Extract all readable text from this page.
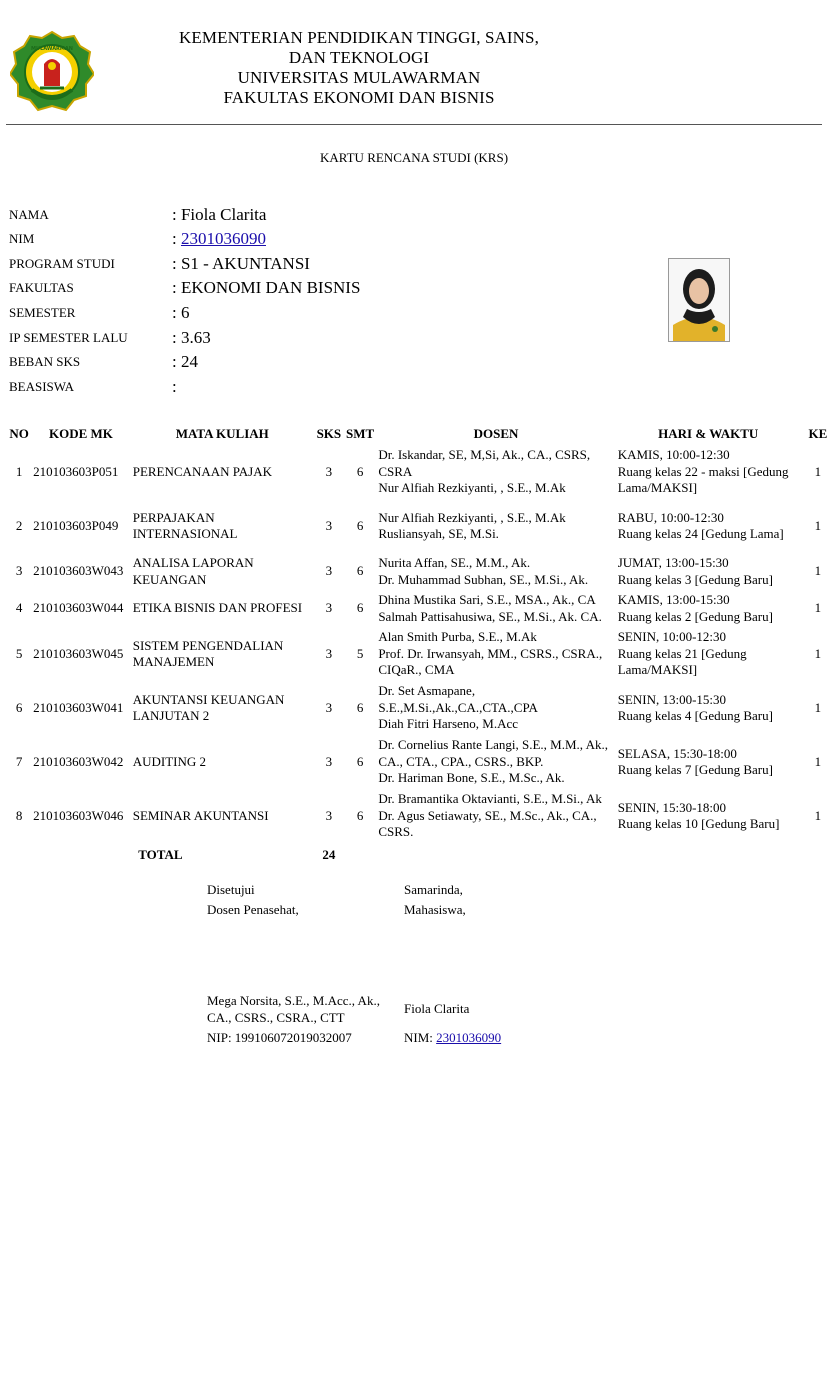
MULAWARMAN
KEMENTERIAN PENDIDIKAN TINGGI, SAINS,
DAN TEKNOLOGI
UNIVERSITAS MULAWARMAN
FAKULTAS EKONOMI DAN BISNIS
KARTU RENCANA STUDI (KRS)
NAMA	: Fiola Clarita
NIM	: 2301036090
PROGRAM STUDI	: S1 - AKUNTANSI
FAKULTAS	: EKONOMI DAN BISNIS
SEMESTER	: 6
IP SEMESTER LALU	: 3.63
BEBAN SKS	: 24
BEASISWA	:
NO	KODE MK	MATA KULIAH	SKS	SMT	DOSEN	HARI & WAKTU	KE
1	210103603P051	PERENCANAAN PAJAK	3	6	Dr. Iskandar, SE, M,Si, Ak., CA., CSRS, CSRA
Nur Alfiah Rezkiyanti, , S.E., M.Ak	KAMIS, 10:00-12:30
Ruang kelas 22 - maksi [Gedung Lama/MAKSI]	1
2	210103603P049	PERPAJAKAN INTERNASIONAL	3	6	Nur Alfiah Rezkiyanti, , S.E., M.Ak
Rusliansyah, SE, M.Si.	RABU, 10:00-12:30
Ruang kelas 24 [Gedung Lama]	1
3	210103603W043	ANALISA LAPORAN KEUANGAN	3	6	Nurita Affan, SE., M.M., Ak.
Dr. Muhammad Subhan, SE., M.Si., Ak.	JUMAT, 13:00-15:30
Ruang kelas 3 [Gedung Baru]	1
4	210103603W044	ETIKA BISNIS DAN PROFESI	3	6	Dhina Mustika Sari, S.E., MSA., Ak., CA
Salmah Pattisahusiwa, SE., M.Si., Ak. CA.	KAMIS, 13:00-15:30
Ruang kelas 2 [Gedung Baru]	1
5	210103603W045	SISTEM PENGENDALIAN MANAJEMEN	3	5	Alan Smith Purba, S.E., M.Ak
Prof. Dr. Irwansyah, MM., CSRS., CSRA., CIQaR., CMA	SENIN, 10:00-12:30
Ruang kelas 21 [Gedung Lama/MAKSI]	1
6	210103603W041	AKUNTANSI KEUANGAN LANJUTAN 2	3	6	Dr. Set Asmapane, S.E.,M.Si.,Ak.,CA.,CTA.,CPA
Diah Fitri Harseno, M.Acc	SENIN, 13:00-15:30
Ruang kelas 4 [Gedung Baru]	1
7	210103603W042	AUDITING 2	3	6	Dr. Cornelius Rante Langi, S.E., M.M., Ak., CA., CTA., CPA., CSRS., BKP.
Dr. Hariman Bone, S.E., M.Sc., Ak.	SELASA, 15:30-18:00
Ruang kelas 7 [Gedung Baru]	1
8	210103603W046	SEMINAR AKUNTANSI	3	6	Dr. Bramantika Oktavianti, S.E., M.Si., Ak
Dr. Agus Setiawaty, SE., M.Sc., Ak., CA., CSRS.	SENIN, 15:30-18:00
Ruang kelas 10 [Gedung Baru]	1
TOTAL			24				
Disetujui
Dosen Penasehat,
Samarinda,
Mahasiswa,
Mega Norsita, S.E., M.Acc., Ak., CA., CSRS., CSRA., CTT
Fiola Clarita
NIP: 199106072019032007	NIM: 2301036090
